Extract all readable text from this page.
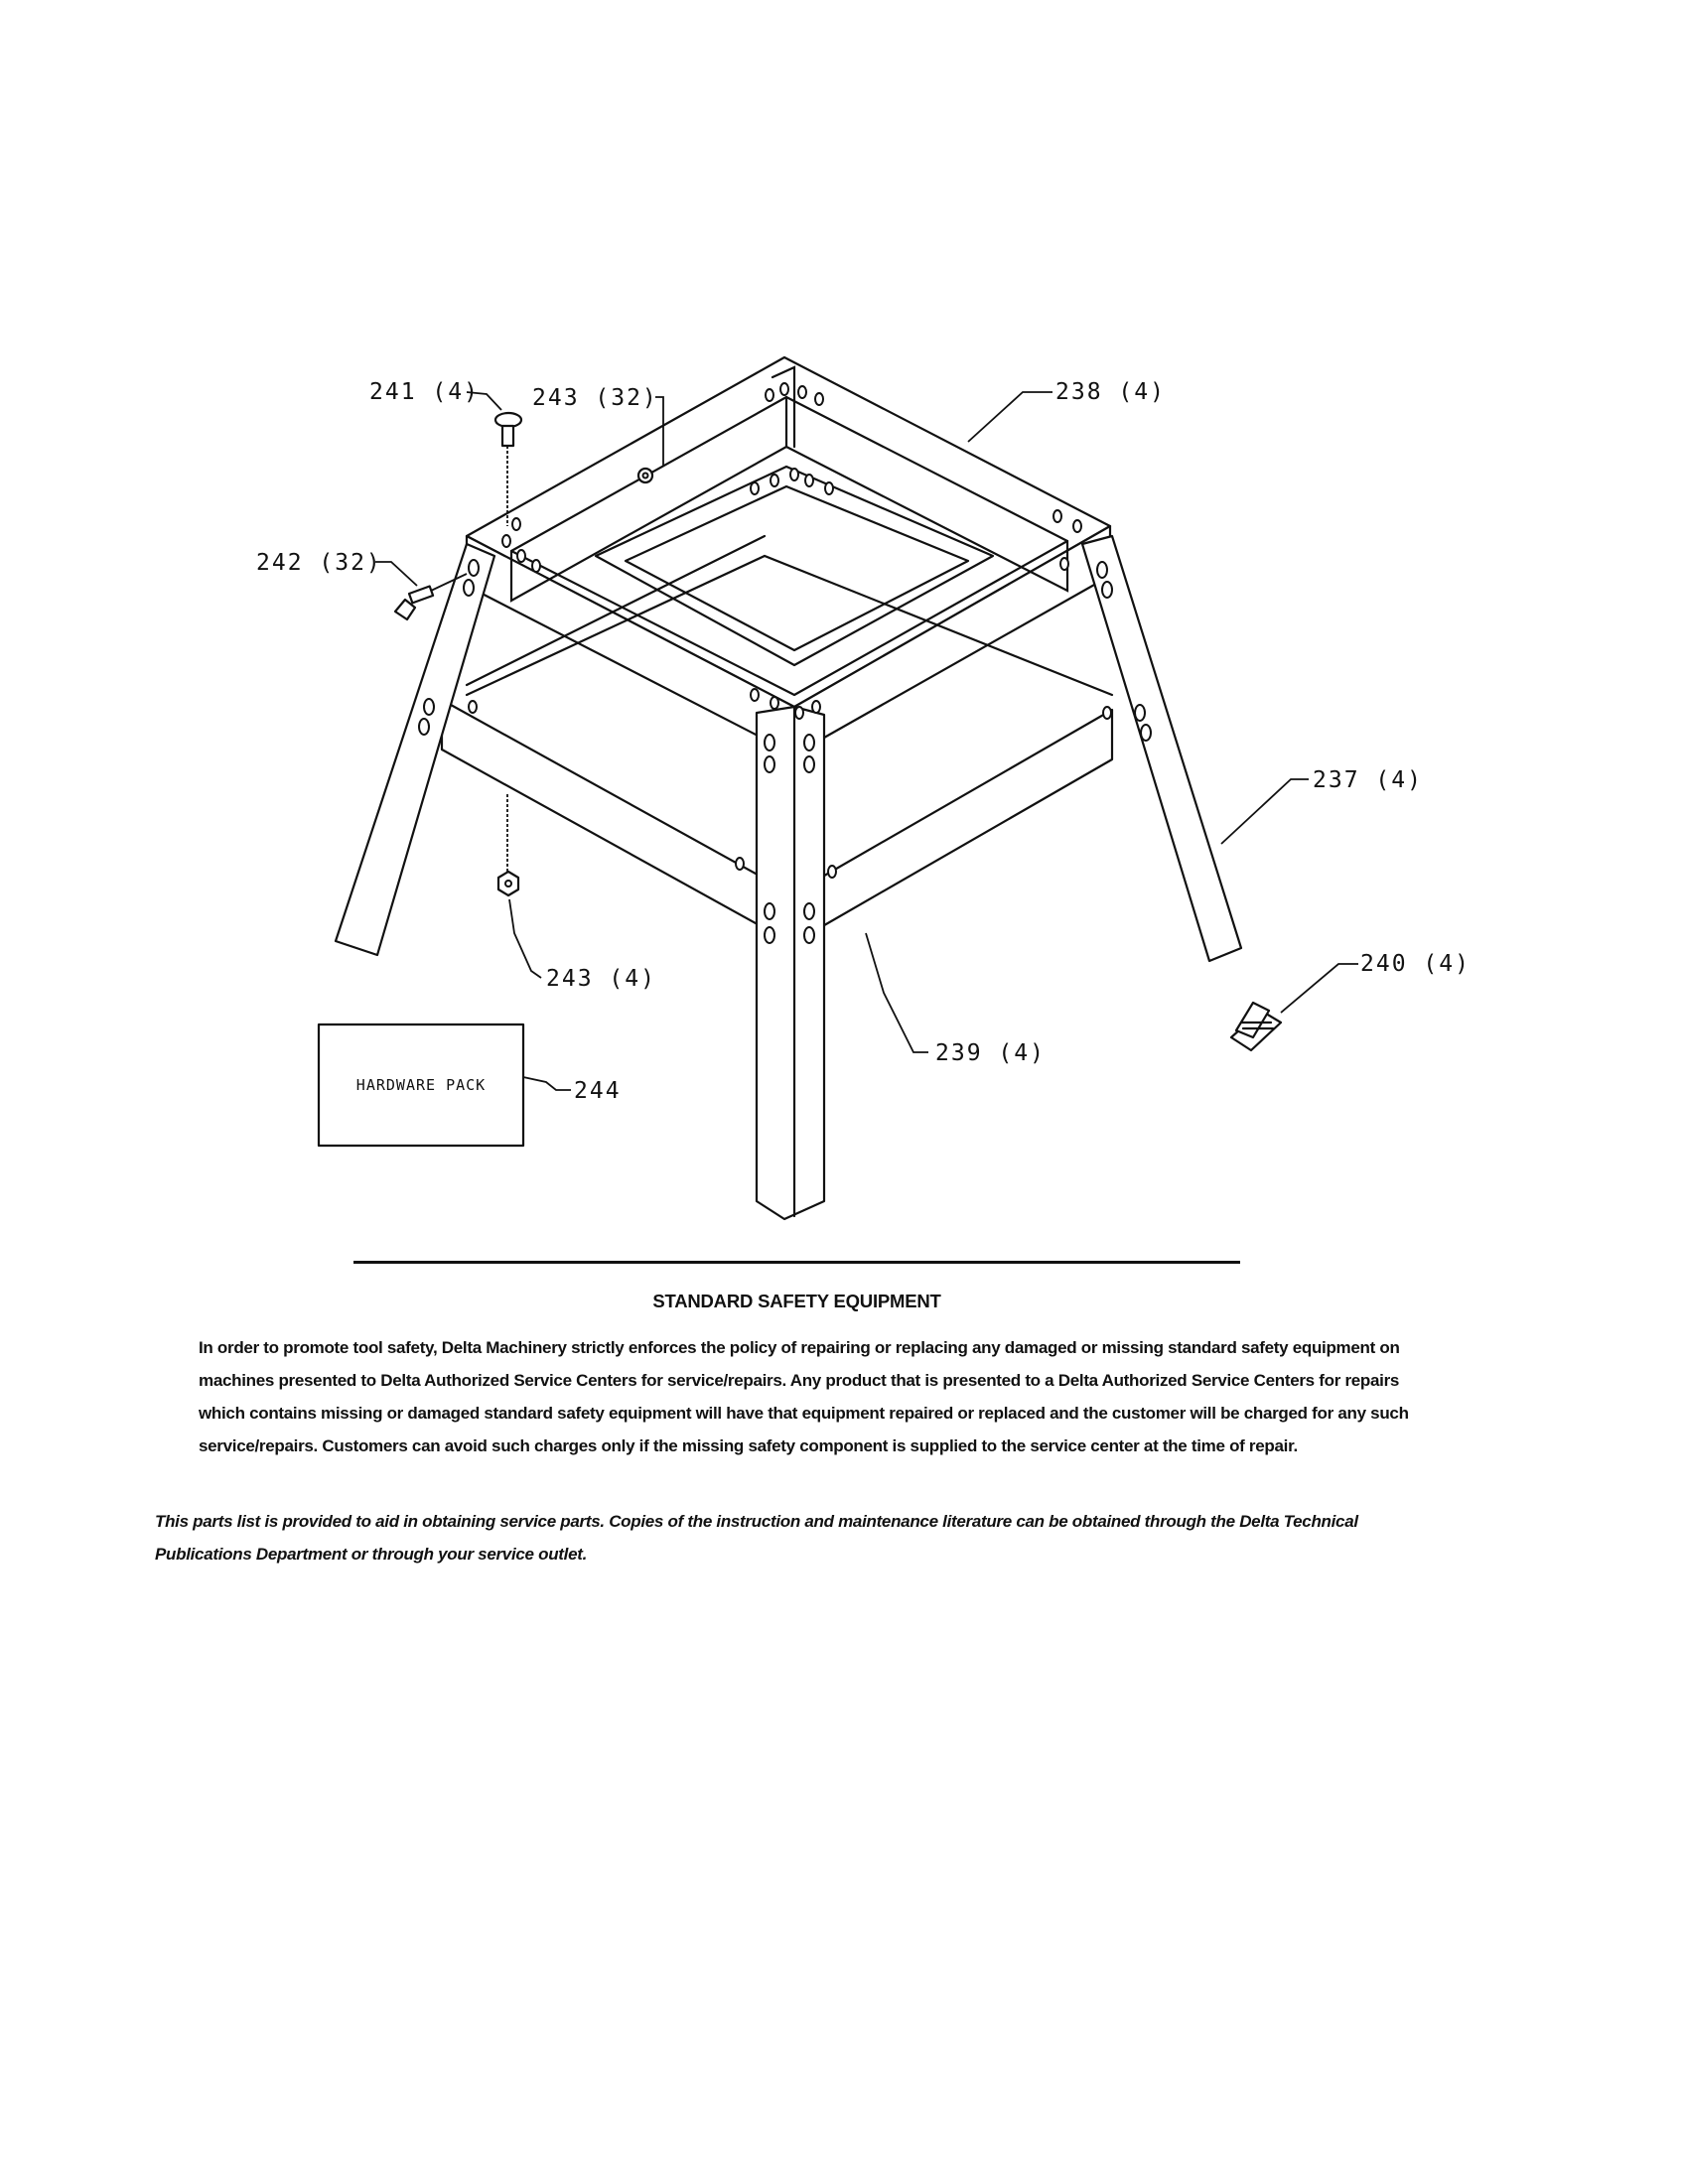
HARDWARE PACK
241 (4) 243 (32)	238 (4)
242 (32)
237 (4)
240 (4)
243 (4)
239 (4)
244
STANDARD SAFETY EQUIPMENT
In order to promote tool safety, Delta Machinery strictly enforces the policy of repairing or replacing any damaged or missing standard safety equipment on machines presented to Delta Authorized Service Centers for service/repairs. Any product that is presented to a Delta Authorized Service Centers for repairs which contains missing or damaged standard safety equipment will have that equipment repaired or replaced and the customer will be charged for any such service/repairs. Customers can avoid such charges only if the missing safety component is supplied to the service center at the time of repair.
This parts list is provided to aid in obtaining service parts. Copies of the instruction and maintenance literature can be obtained through the Delta Technical Publications Department or through your service outlet.
